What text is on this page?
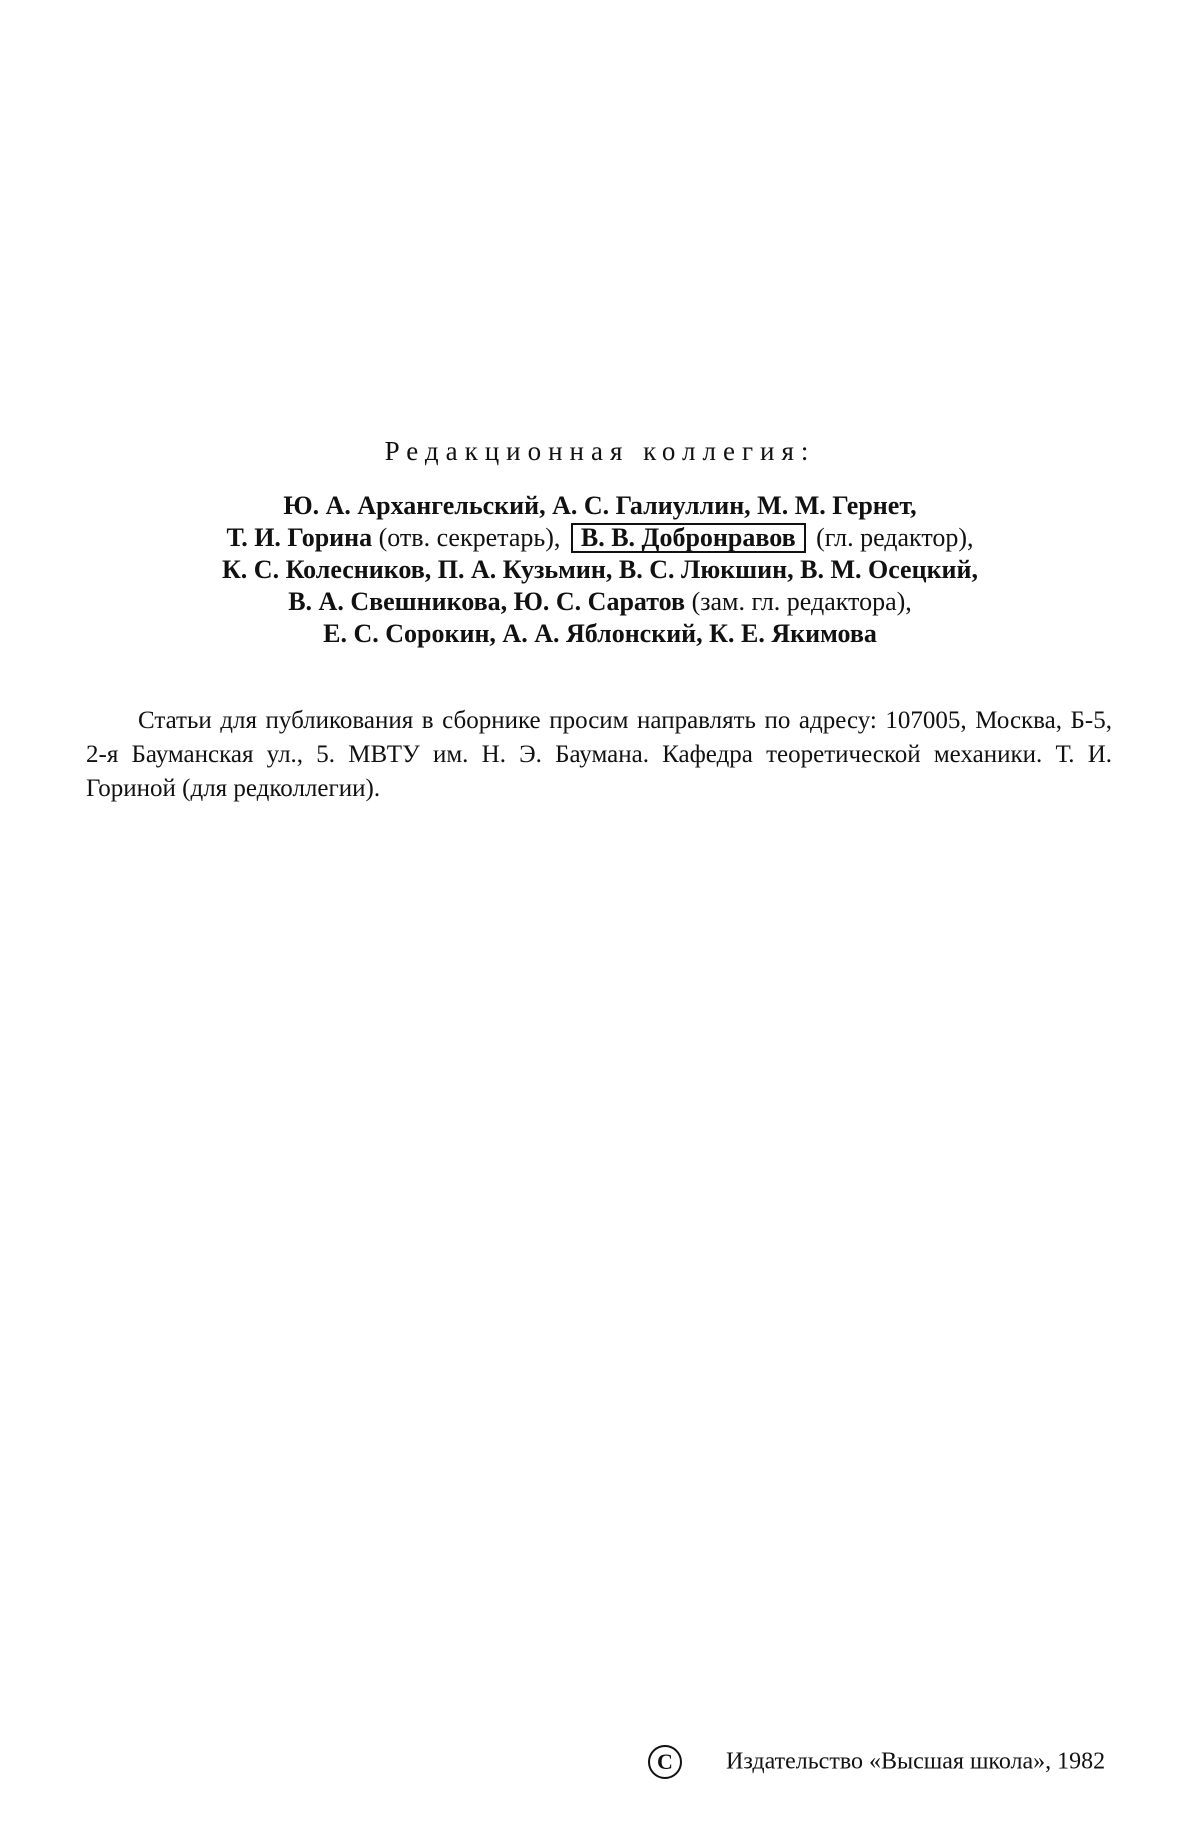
Редакционная коллегия:
Ю. А. Архангельский, А. С. Галиуллин, М. М. Гернет,
Т. И. Горина (отв. секретарь), В. В. Добронравов (гл. редактор),
К. С. Колесников, П. А. Кузьмин, В. С. Люкшин, В. М. Осецкий,
В. А. Свешникова, Ю. С. Саратов (зам. гл. редактора),
Е. С. Сорокин, А. А. Яблонский, К. Е. Якимова
Статьи для публикования в сборнике просим направлять по адресу: 107005, Москва, Б-5, 2-я Бауманская ул., 5. МВТУ им. Н. Э. Баумана. Кафедра теоретической механики. Т. И. Гориной (для редколлегии).
C Издательство «Высшая школа», 1982
